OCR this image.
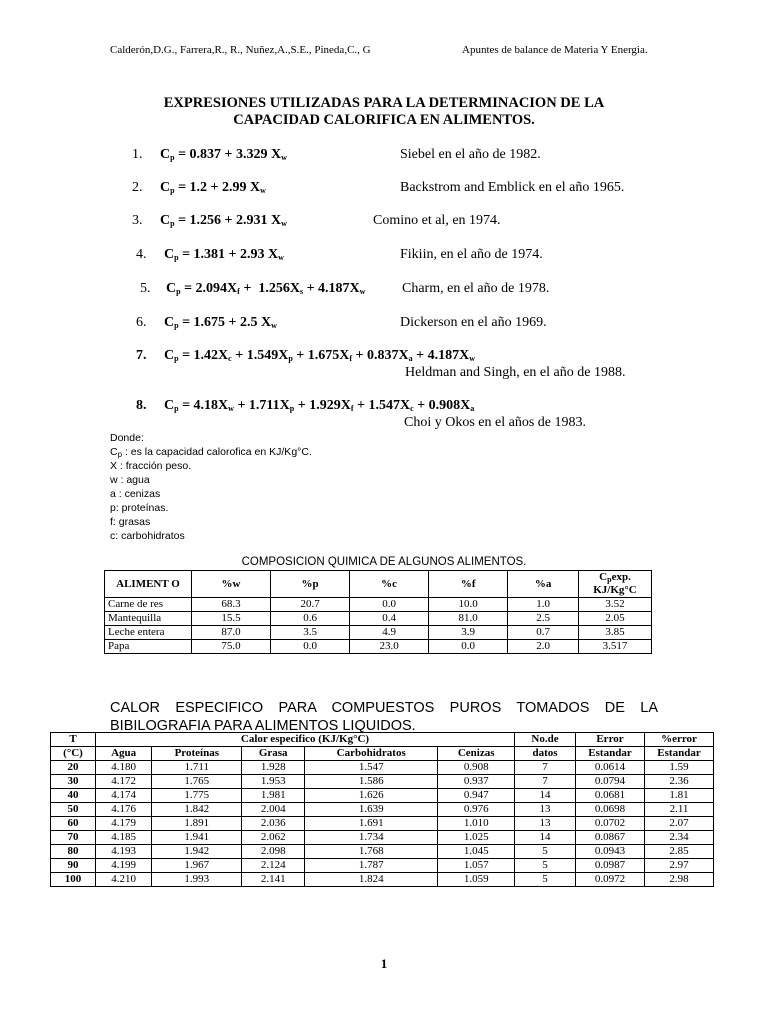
Calderón,D.G., Farrera,R., R., Nuñez,A.,S.E., Pineda,C., G	Apuntes de balance de Materia Y Energia.
EXPRESIONES UTILIZADAS PARA LA DETERMINACION DE LA
CAPACIDAD CALORIFICA EN ALIMENTOS.
1. $C_p = 0.837 + 3.329$ $X_w$	Siebel en el año de 1982.
2. $C_p = 1.2 + 2.99$ $X_w$	Backstrom and Emblick en el año 1965.
3. $C_p = 1.256 + 2.931$ $X_w$	Comino et al, en 1974.
4. $C_p = 1.381 + 2.93$ $X_w$	Fikiin, en el año de 1974.
5. $C_p = 2.094X_f + 1.256X_s + 4.187X_w$	Charm, en el año de 1978.
6. $C_p = 1.675 + 2.5$ $X_w$	Dickerson en el año 1969.
7. $C_p = 1.42X_c + 1.549X_p + 1.675X_f + 0.837X_a + 4.187X_w$
Heldman and Singh, en el año de 1988.
8. $C_p = 4.18X_w + 1.711X_p + 1.929X_f + 1.547X_c + 0.908X_a$
Choi y Okos en el años de 1983.
Donde:
$C_p$ : es la capacidad calorofica en KJ/Kg°C.
X : fracción peso.
w : agua
a : cenizas
p: proteínas.
f: grasas
c: carbohidratos
COMPOSICION QUIMICA DE ALGUNOS ALIMENTOS.
ALIMENT O	%w	%p	%c	%f	%a	$C_p\exp$.
KJ/Kg°C
Carne de res	68.3	20.7	0.0	10.0	1.0	3.52
Mantequilla	15.5	0.6	0.4	81.0	2.5	2.05
Leche entera	87.0	3.5	4.9	3.9	0.7	3.85
Papa	75.0	0.0	23.0	0.0	2.0	3.517
CALOR ESPECIFICO PARA COMPUESTOS PUROS TOMADOS DE LA
BIBILOGRAFIA PARA ALIMENTOS LIQUIDOS.
T	Calor especifico (KJ/Kg°C)					No.de	Error	%error
(°C)	Agua	Proteínas	Grasa	Carbohidratos	Cenizas	datos	Estandar	Estandar
20	4.180	1.711	1.928	1.547	0.908	7	0.0614	1.59
30	4.172	1.765	1.953	1.586	0.937	7	0.0794	2.36
40	4.174	1.775	1.981	1.626	0.947	14	0.0681	1.81
50	4.176	1.842	2.004	1.639	0.976	13	0.0698	2.11
60	4.179	1.891	2.036	1.691	1.010	13	0.0702	2.07
70	4.185	1.941	2.062	1.734	1.025	14	0.0867	2.34
80	4.193	1.942	2.098	1.768	1.045	5	0.0943	2.85
90	4.199	1.967	2.124	1.787	1.057	5	0.0987	2.97
100	4.210	1.993	2.141	1.824	1.059	5	0.0972	2.98
1
